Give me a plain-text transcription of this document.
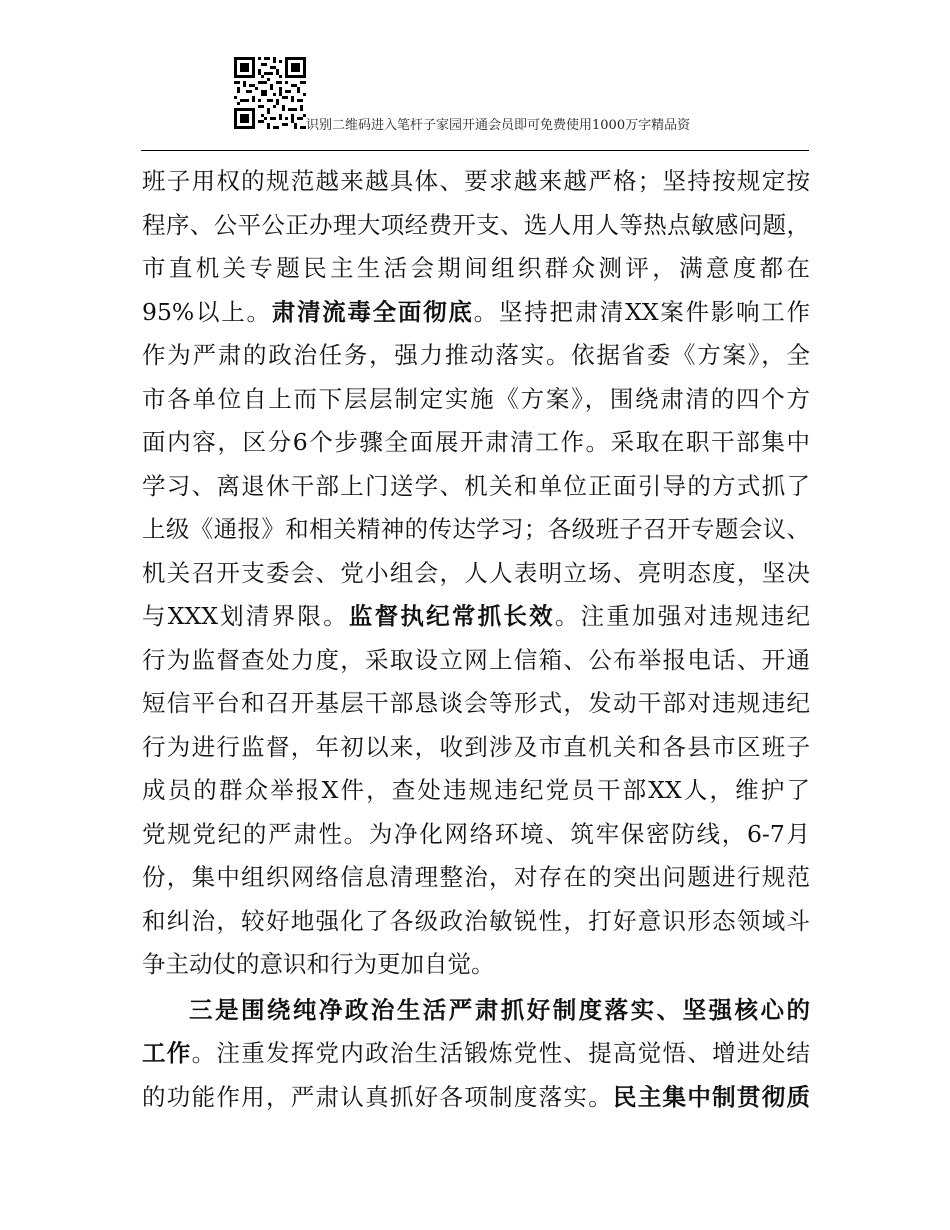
识别二维码进入笔杆子家园开通会员即可免费使用1000万字精品资
班子用权的规范越来越具体、要求越来越严格；坚持按规定按
程序、公平公正办理大项经费开支、选人用人等热点敏感问题，
市直机关专题民主生活会期间组织群众测评，满意度都在
95%以上。肃清流毒全面彻底。坚持把肃清XX案件影响工作
作为严肃的政治任务，强力推动落实。依据省委《方案》，全
市各单位自上而下层层制定实施《方案》，围绕肃清的四个方
面内容，区分6个步骤全面展开肃清工作。采取在职干部集中
学习、离退休干部上门送学、机关和单位正面引导的方式抓了
上级《通报》和相关精神的传达学习；各级班子召开专题会议、
机关召开支委会、党小组会，人人表明立场、亮明态度，坚决
与XXX划清界限。监督执纪常抓长效。注重加强对违规违纪
行为监督查处力度，采取设立网上信箱、公布举报电话、开通
短信平台和召开基层干部恳谈会等形式，发动干部对违规违纪
行为进行监督，年初以来，收到涉及市直机关和各县市区班子
成员的群众举报X件，查处违规违纪党员干部XX人，维护了
党规党纪的严肃性。为净化网络环境、筑牢保密防线，6-7月
份，集中组织网络信息清理整治，对存在的突出问题进行规范
和纠治，较好地强化了各级政治敏锐性，打好意识形态领域斗
争主动仗的意识和行为更加自觉。
三是围绕纯净政治生活严肃抓好制度落实、坚强核心的
工作。注重发挥党内政治生活锻炼党性、提高觉悟、增进处结
的功能作用，严肃认真抓好各项制度落实。民主集中制贯彻质
